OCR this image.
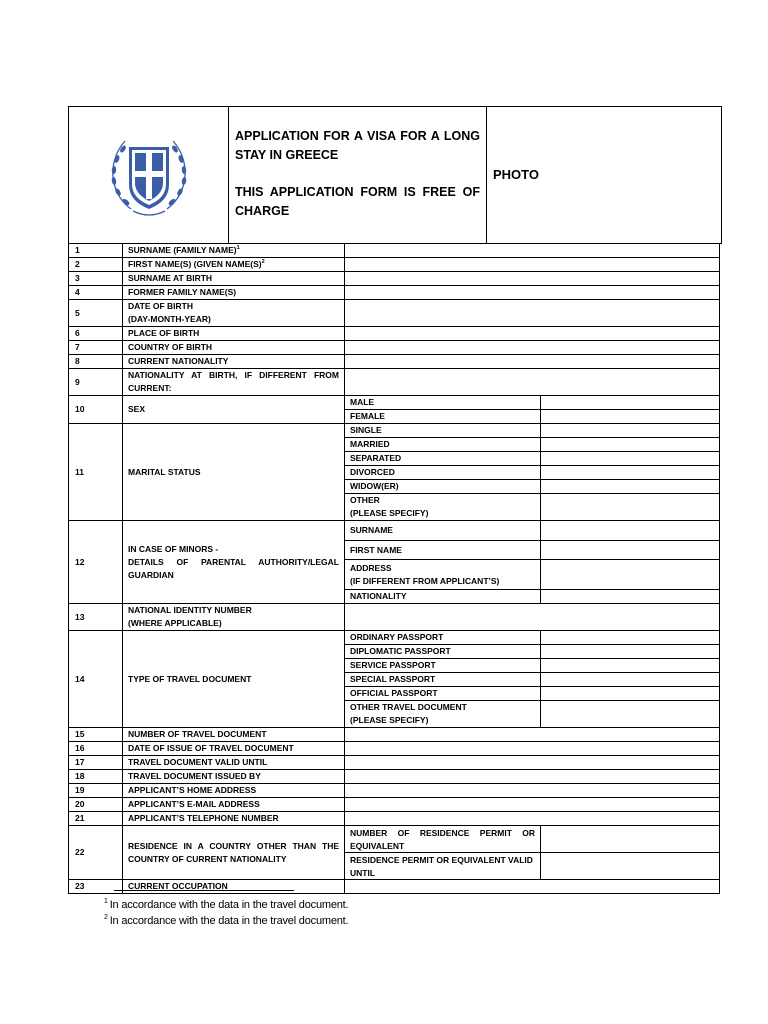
APPLICATION FOR A VISA FOR A LONG STAY IN GREECE

THIS APPLICATION FORM IS FREE OF CHARGE

PHOTO
1	SURNAME (FAMILY NAME)$^1$	
2	FIRST NAME(S) (GIVEN $NAME(S)^2$	
3	SURNAME AT BIRTH		
4	FORMER FAMILY NAME(S)		
5	DATE OF BIRTH
(DAY-MONTH-YEAR)		

6	PLACE OF BIRTH		
7	COUNTRY OF BIRTH		
8	CURRENT NATIONALITY		
9	NATIONALITY AT BIRTH, IF DIFFERENT FROM CURRENT:		
10	SEX	MALE	
		FEMALE	
11	MARITAL STATUS	SINGLE	
		MARRIED	
		SEPARATED	
		DIVORCED	
		WIDOW(ER)	

		OTHER
(PLEASE SPECIFY)	

12	IN CASE OF MINORS -
DETAILS OF PARENTAL AUTHORITY/LEGAL GUARDIAN	SURNAME	
		FIRST NAME	

		ADDRESS
(IF DIFFERENT FROM APPLICANT’S)	

		NATIONALITY	
13	NATIONAL IDENTITY NUMBER
(WHERE APPLICABLE)		

14	TYPE OF TRAVEL DOCUMENT	ORDINARY PASSPORT	
		DIPLOMATIC PASSPORT	
		SERVICE PASSPORT	
		SPECIAL PASSPORT	
		OFFICIAL PASSPORT	

		OTHER TRAVEL DOCUMENT
(PLEASE SPECIFY)	

15	NUMBER OF TRAVEL DOCUMENT		
16	DATE OF ISSUE OF TRAVEL DOCUMENT		
17	TRAVEL DOCUMENT VALID UNTIL		
18	TRAVEL DOCUMENT ISSUED BY		
19	APPLICANT’S HOME ADDRESS		
20	APPLICANT’S E-MAIL ADDRESS		
21	APPLICANT’S TELEPHONE NUMBER		
22	RESIDENCE IN A COUNTRY OTHER THAN THE COUNTRY OF CURRENT NATIONALITY	NUMBER OF RESIDENCE PERMIT OR EQUIVALENT	

		RESIDENCE PERMIT OR EQUIVALENT VALID UNTIL	

23	CURRENT OCCUPATION		
$^1$ In accordance with the data in the travel document.
$^2$ In accordance with the data in the travel document.
